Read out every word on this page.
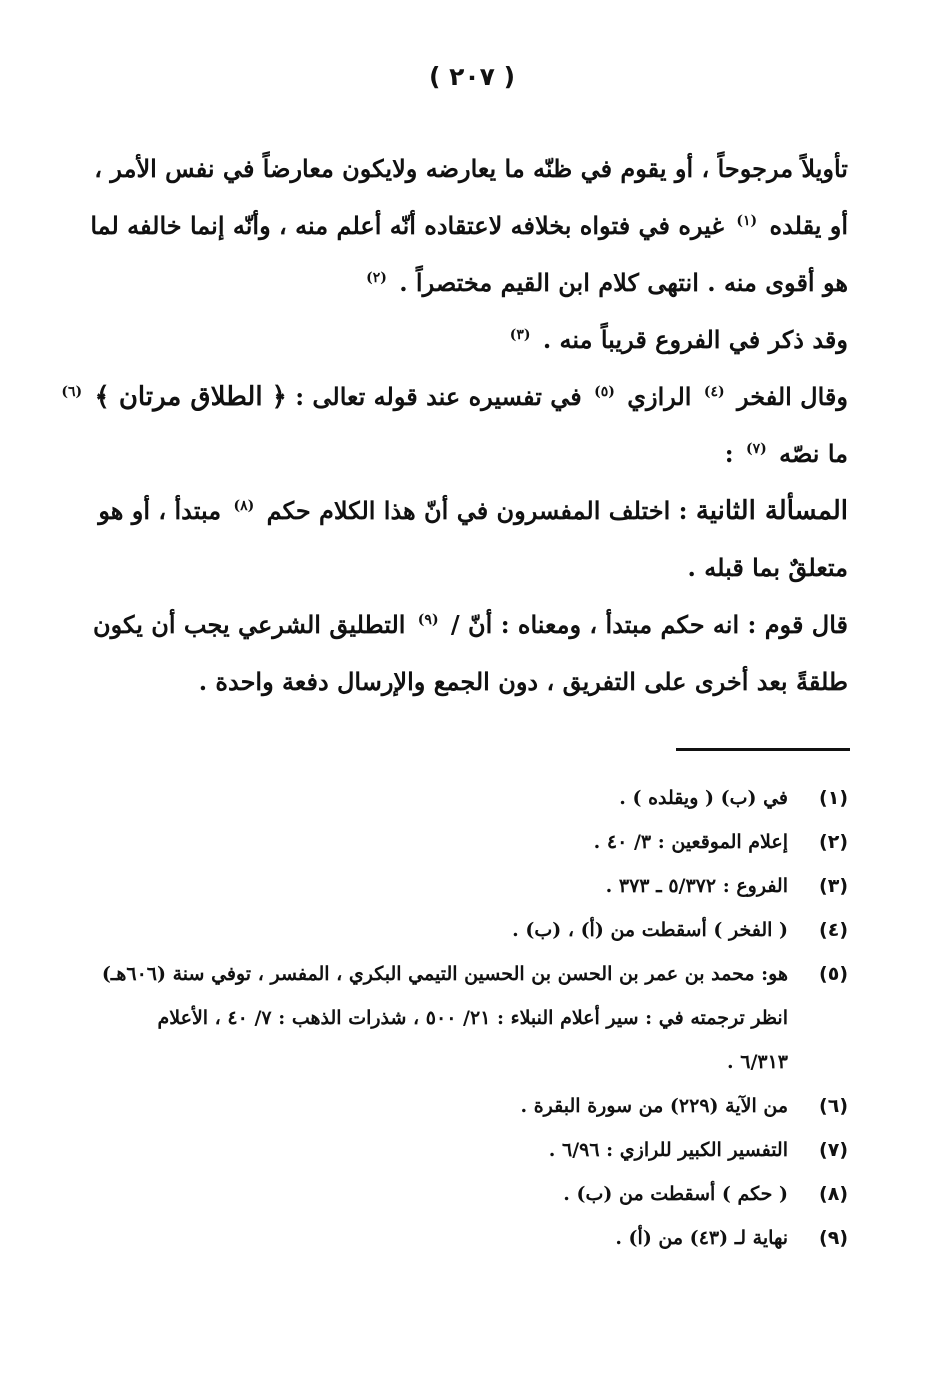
( ٢٠٧ )
تأويلاً مرجوحاً ، أو يقوم في ظنّه ما يعارضه ولايكون معارضاً في نفس الأمر ،
أو يقلده $^{(١)}$ غيره في فتواه بخلافه لاعتقاده أنّه أعلم منه ، وأنّه إنما خالفه لما
هو أقوى منه . انتهى كلام ابن القيم مختصراً . $^{(٢)}$
وقد ذكر في الفروع قريباً منه . $^{(٣)}$
وقال الفخر $^{(٤)}$ الرازي $^{(٥)}$ في تفسيره عند قوله تعالى : ﴿ الطلاق مرتان ﴾ $^{(٦)}$
ما نصّه $^{(٧)}$ :
المسألة الثانية : اختلف المفسرون في أنّ هذا الكلام حكم $^{(٨)}$ مبتدأ ، أو هو
متعلقٌ بما قبله .
قال قوم : انه حكم مبتدأ ، ومعناه : أنّ / $^{(٩)}$ التطليق الشرعي يجب أن يكون
طلقةً بعد أخرى على التفريق ، دون الجمع والإرسال دفعة واحدة .
(١)
في (ب) ( ويقلده ) .
(٢)
إعلام الموقعين : ٣/ ٤٠ .
(٣)
الفروع : ٥/٣٧٢ ـ ٣٧٣ .
(٤)
( الفخر ) أسقطت من (أ) ، (ب) .
(٥)
هو: محمد بن عمر بن الحسن بن الحسين التيمي البكري ، المفسر ، توفي سنة (٦٠٦هـ)
انظر ترجمته في : سير أعلام النبلاء : ٢١/ ٥٠٠ ، شذرات الذهب : ٧/ ٤٠ ، الأعلام
٦/٣١٣ .
(٦)
من الآية (٢٢٩) من سورة البقرة .
(٧)
التفسير الكبير للرازي : ٦/٩٦ .
(٨)
( حكم ) أسقطت من (ب) .
(٩)
نهاية لـ (٤٣) من (أ) .
